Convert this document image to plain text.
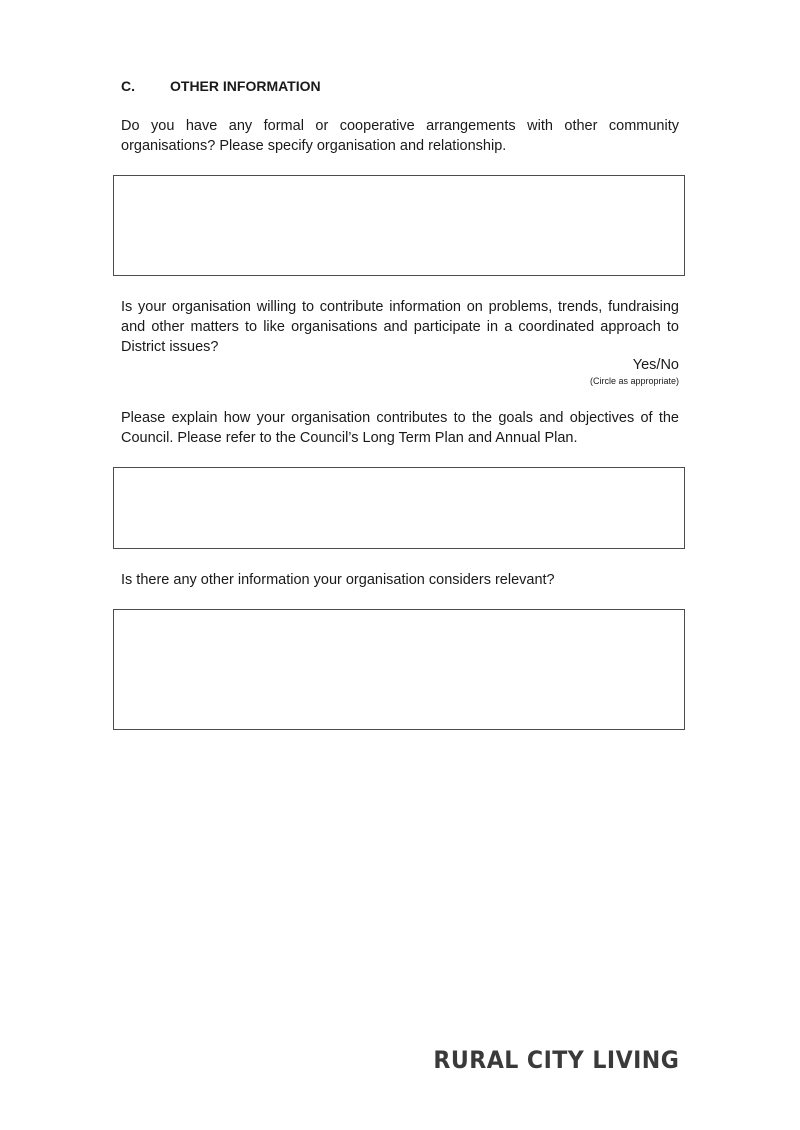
C.	OTHER INFORMATION
Do you have any formal or cooperative arrangements with other community organisations? Please specify organisation and relationship.
Is your organisation willing to contribute information on problems, trends, fundraising and other matters to like organisations and participate in a coordinated approach to District issues?
Yes/No
(Circle as appropriate)
Please explain how your organisation contributes to the goals and objectives of the Council. Please refer to the Council’s Long Term Plan and Annual Plan.
Is there any other information your organisation considers relevant?
RURAL CITY LIVING
